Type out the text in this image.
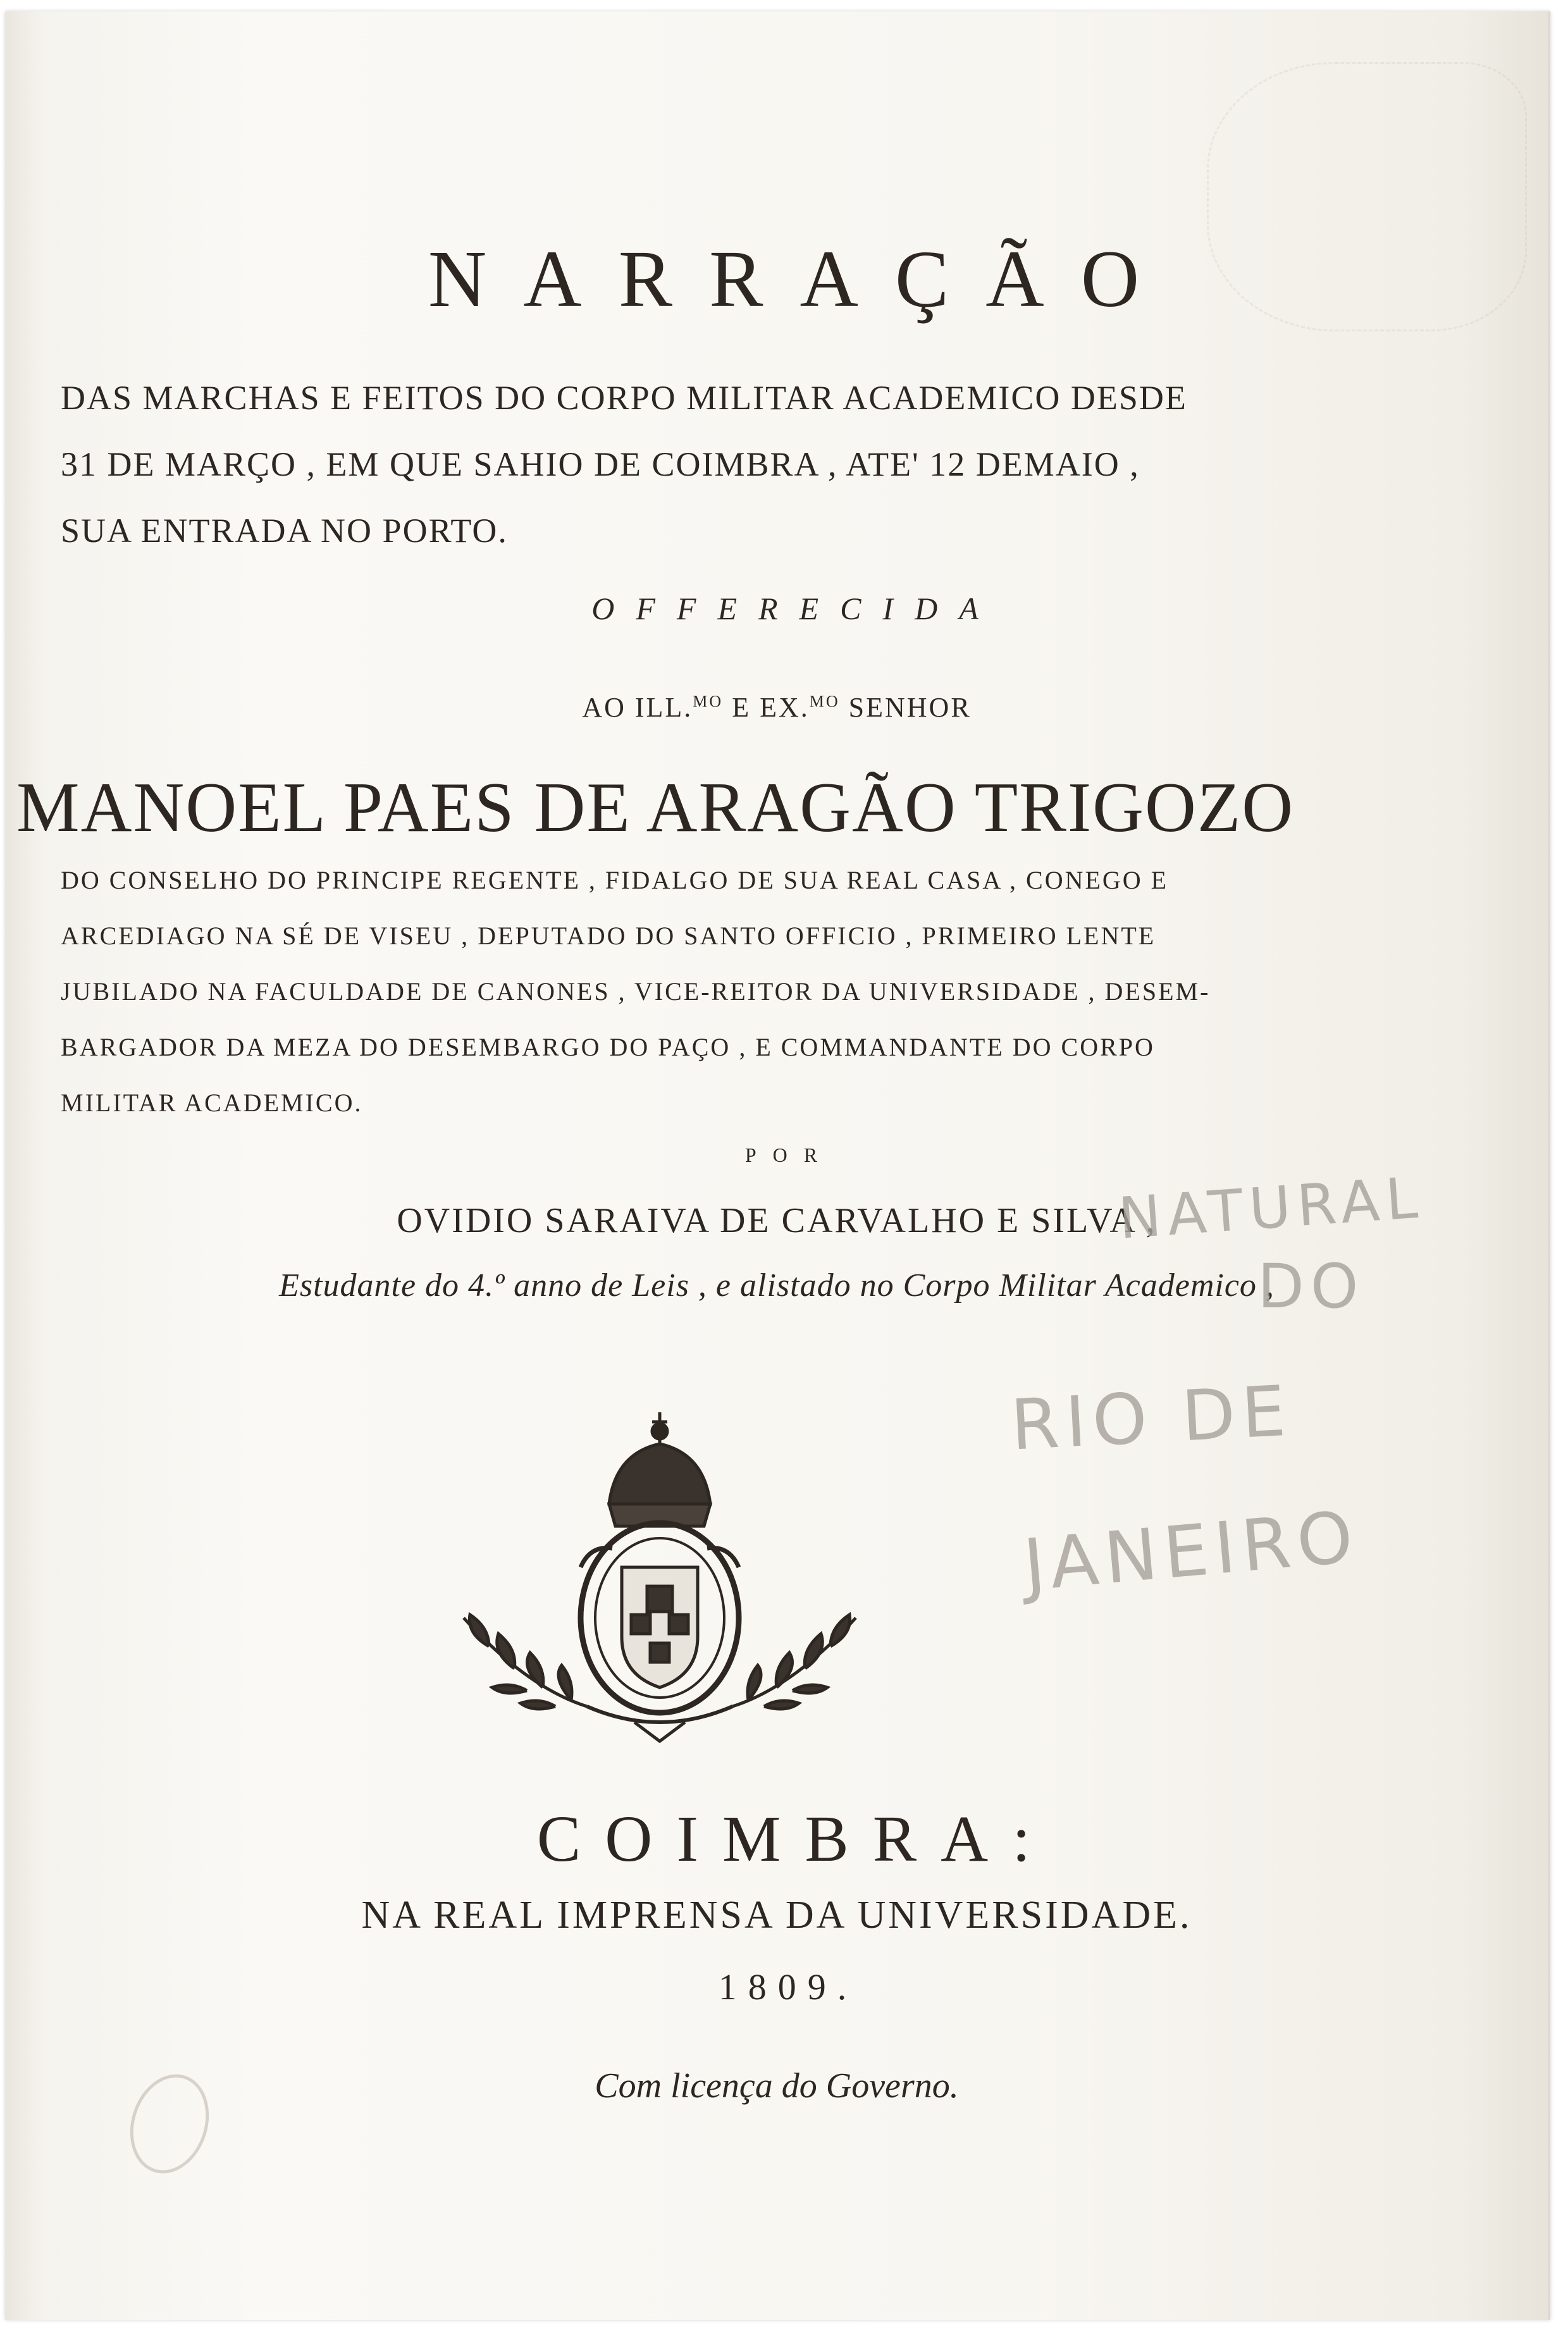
NARRAÇÃO
DAS MARCHAS E FEITOS DO CORPO MILITAR ACADEMICO DESDE
31 DE MARÇO , EM QUE SAHIO DE COIMBRA , ATE' 12 DEMAIO ,
SUA ENTRADA NO PORTO.
OFFERECIDA
AO ILL.$^{MO}$ E EX.$^{MO}$ SENHOR
MANOEL PAES DE ARAGÃO TRIGOZO
DO CONSELHO DO PRINCIPE REGENTE , FIDALGO DE SUA REAL CASA , CONEGO E
ARCEDIAGO NA SÉ DE VISEU , DEPUTADO DO SANTO OFFICIO , PRIMEIRO LENTE
JUBILADO NA FACULDADE DE CANONES , VICE-REITOR DA UNIVERSIDADE , DESEM-
BARGADOR DA MEZA DO DESEMBARGO DO PAÇO , E COMMANDANTE DO CORPO
MILITAR ACADEMICO.
POR
OVIDIO SARAIVA DE CARVALHO E SILVA ,
Estudante do 4.º anno de Leis , e alistado no Corpo Militar Academico ,
COIMBRA:
NA REAL IMPRENSA DA UNIVERSIDADE.
1809.
Com licença do Governo.
NATURAL
DO
RIO DE
JANEIRO
